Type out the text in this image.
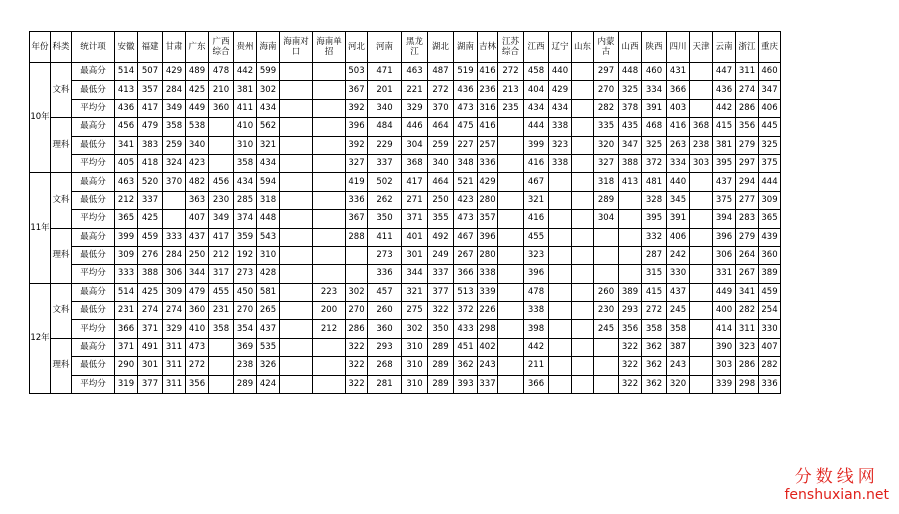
年份	科类	统计项	安徽	福建	甘肃	广东	广西综合	贵州	海南	海南对口	海南单招	河北	河南	黑龙江	湖北	湖南	吉林	江苏综合	江西	辽宁	山东	内蒙古	山西	陕西	四川	天津	云南	浙江	重庆
10年	文科	最高分	514	507	429	489	478	442	599			503	471	463	487	519	416	272	458	440		297	448	460	431		447	311	460
		最低分	413	357	284	425	210	381	302			367	201	221	272	436	236	213	404	429		270	325	334	366		436	274	347
		平均分	436	417	349	449	360	411	434			392	340	329	370	473	316	235	434	434		282	378	391	403		442	286	406
	理科	最高分	456	479	358	538		410	562			396	484	446	464	475	416		444	338		335	435	468	416	368	415	356	445
		最低分	341	383	259	340		310	321			392	229	304	259	227	257		399	323		320	347	325	263	238	381	279	325
		平均分	405	418	324	423		358	434			327	337	368	340	348	336		416	338		327	388	372	334	303	395	297	375
11年	文科	最高分	463	520	370	482	456	434	594			419	502	417	464	521	429		467			318	413	481	440		437	294	444
		最低分	212	337		363	230	285	318			336	262	271	250	423	280		321			289		328	345		375	277	309
		平均分	365	425		407	349	374	448			367	350	371	355	473	357		416			304		395	391		394	283	365
	理科	最高分	399	459	333	437	417	359	543			288	411	401	492	467	396		455					332	406		396	279	439
		最低分	309	276	284	250	212	192	310				273	301	249	267	280		323					287	242		306	264	360
		平均分	333	388	306	344	317	273	428				336	344	337	366	338		396					315	330		331	267	389
12年	文科	最高分	514	425	309	479	455	450	581		223	302	457	321	377	513	339		478			260	389	415	437		449	341	459
		最低分	231	274	274	360	231	270	265		200	270	260	275	322	372	226		338			230	293	272	245		400	282	254
		平均分	366	371	329	410	358	354	437		212	286	360	302	350	433	298		398			245	356	358	358		414	311	330
	理科	最高分	371	491	311	473		369	535			322	293	310	289	451	402		442				322	362	387		390	323	407
		最低分	290	301	311	272		238	326			322	268	310	289	362	243		211				322	362	243		303	286	282
		平均分	319	377	311	356		289	424			322	281	310	289	393	337		366				322	362	320		339	298	336
分数线网
fenshuxian.net
